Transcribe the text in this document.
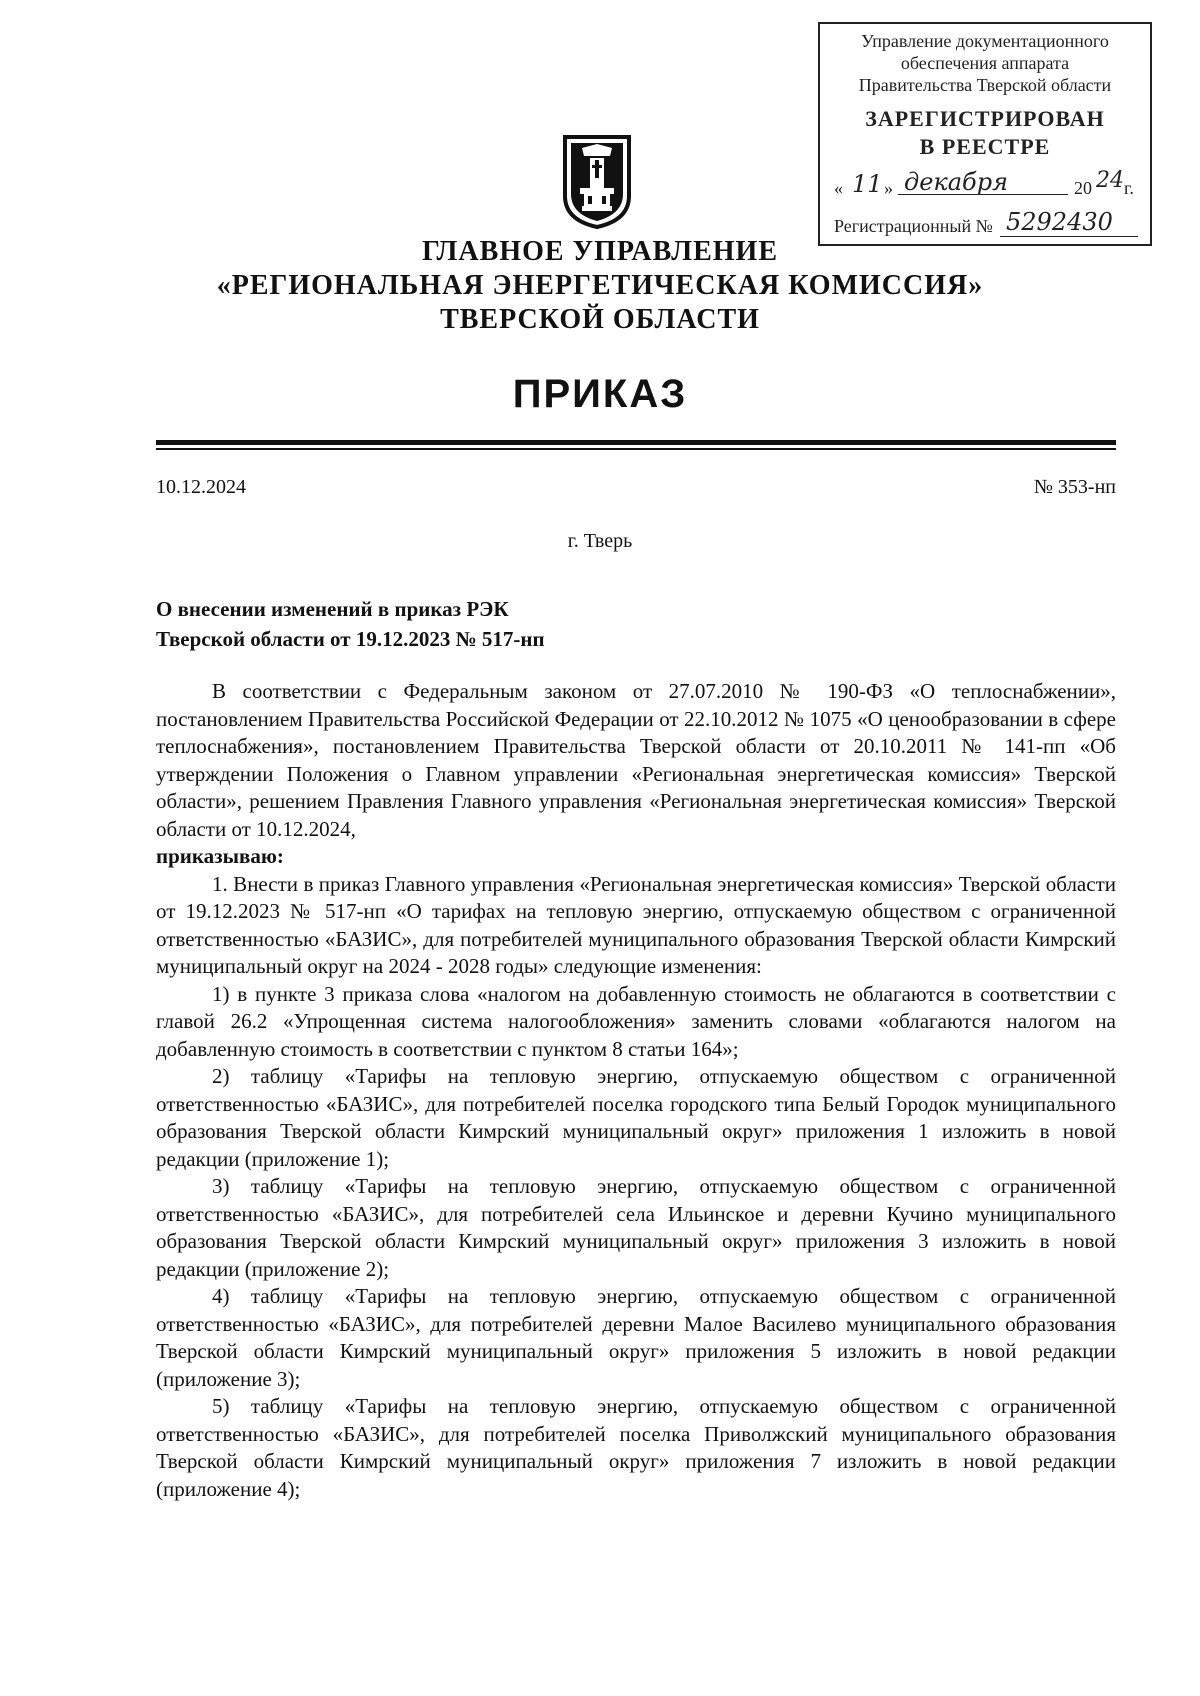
Управление документационного
обеспечения аппарата
Правительства Тверской области
ЗАРЕГИСТРИРОВАН
В РЕЕСТРЕ
« 11 » декабря	20 24 г.
Регистрационный № 5292430
ГЛАВНОЕ УПРАВЛЕНИЕ
«РЕГИОНАЛЬНАЯ ЭНЕРГЕТИЧЕСКАЯ КОМИССИЯ»
ТВЕРСКОЙ ОБЛАСТИ
ПРИКАЗ
10.12.2024	№ 353-нп
г. Тверь
О внесении изменений в приказ РЭК
Тверской области от 19.12.2023 № 517-нп

В соответствии с Федеральным законом от 27.07.2010 № 190-ФЗ «О теплоснабжении», постановлением Правительства Российской Федерации от 22.10.2012 № 1075 «О ценообразовании в сфере теплоснабжения», постановлением Правительства Тверской области от 20.10.2011 № 141-пп «Об утверждении Положения о Главном управлении «Региональная энергетическая комиссия» Тверской области», решением Правления Главного управления «Региональная энергетическая комиссия» Тверской области от 10.12.2024,

приказываю:

1. Внести в приказ Главного управления «Региональная энергетическая комиссия» Тверской области от 19.12.2023 № 517-нп «О тарифах на тепловую энергию, отпускаемую обществом с ограниченной ответственностью «БАЗИС», для потребителей муниципального образования Тверской области Кимрский муниципальный округ на 2024 - 2028 годы» следующие изменения:

1) в пункте 3 приказа слова «налогом на добавленную стоимость не облагаются в соответствии с главой 26.2 «Упрощенная система налогообложения» заменить словами «облагаются налогом на добавленную стоимость в соответствии с пунктом 8 статьи 164»;

2) таблицу «Тарифы на тепловую энергию, отпускаемую обществом с ограниченной ответственностью «БАЗИС», для потребителей поселка городского типа Белый Городок муниципального образования Тверской области Кимрский муниципальный округ» приложения 1 изложить в новой редакции (приложение 1);

3) таблицу «Тарифы на тепловую энергию, отпускаемую обществом с ограниченной ответственностью «БАЗИС», для потребителей села Ильинское и деревни Кучино муниципального образования Тверской области Кимрский муниципальный округ» приложения 3 изложить в новой редакции (приложение 2);

4) таблицу «Тарифы на тепловую энергию, отпускаемую обществом с ограниченной ответственностью «БАЗИС», для потребителей деревни Малое Василево муниципального образования Тверской области Кимрский муниципальный округ» приложения 5 изложить в новой редакции (приложение 3);

5) таблицу «Тарифы на тепловую энергию, отпускаемую обществом с ограниченной ответственностью «БАЗИС», для потребителей поселка Приволжский муниципального образования Тверской области Кимрский муниципальный округ» приложения 7 изложить в новой редакции (приложение 4);
